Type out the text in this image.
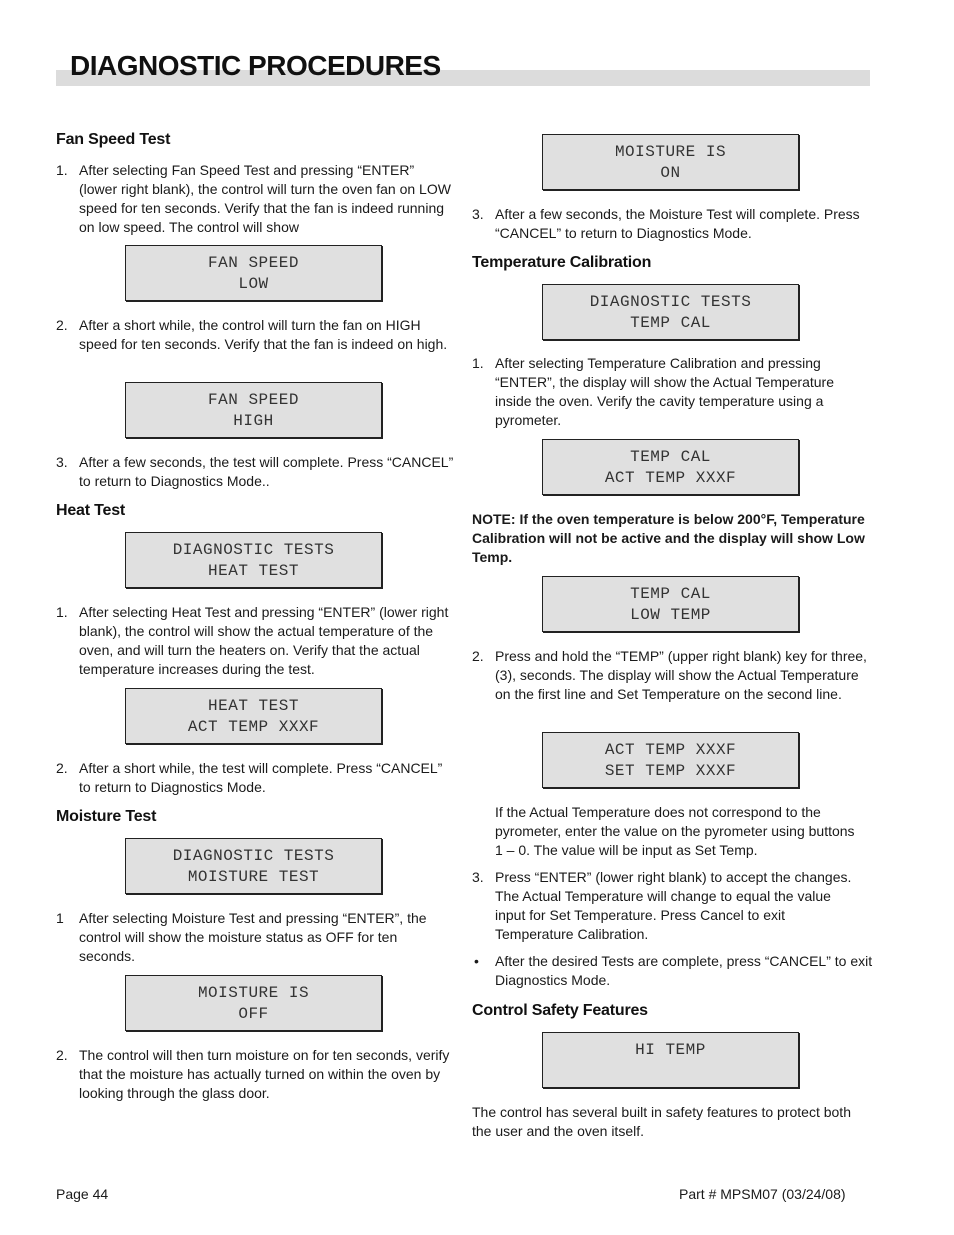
DIAGNOSTIC PROCEDURES
Fan Speed Test
1. After selecting Fan Speed Test and pressing “ENTER” (lower right blank), the control will turn the oven fan on LOW speed for ten seconds. Verify that the fan is indeed running on low speed. The control will show
FAN SPEED
LOW
2. After a short while, the control will turn the fan on HIGH speed for ten seconds. Verify that the fan is indeed on high.
FAN SPEED
HIGH
3. After a few seconds, the test will complete. Press “CANCEL” to return to Diagnostics Mode..
Heat Test
DIAGNOSTIC TESTS
HEAT TEST
1. After selecting Heat Test and pressing “ENTER” (lower right blank), the control will show the actual temperature of the oven, and will turn the heaters on. Verify that the actual temperature increases during the test.
HEAT TEST
ACT TEMP XXXF
2. After a short while, the test will complete. Press “CANCEL” to return to Diagnostics Mode.
Moisture Test
DIAGNOSTIC TESTS
MOISTURE TEST
1 After selecting Moisture Test and pressing “ENTER”, the control will show the moisture status as OFF for ten seconds.
MOISTURE IS
OFF
2. The control will then turn moisture on for ten seconds, verify that the moisture has actually turned on within the oven by looking through the glass door.
MOISTURE IS
ON
3. After a few seconds, the Moisture Test will complete. Press “CANCEL” to return to Diagnostics Mode.
Temperature Calibration
DIAGNOSTIC TESTS
TEMP CAL
1. After selecting Temperature Calibration and pressing “ENTER”, the display will show the Actual Temperature inside the oven. Verify the cavity temperature using a pyrometer.
TEMP CAL
ACT TEMP XXXF
NOTE: If the oven temperature is below 200°F, Temperature Calibration will not be active and the display will show Low Temp.
TEMP CAL
LOW TEMP
2. Press and hold the “TEMP” (upper right blank) key for three, (3), seconds. The display will show the Actual Temperature on the first line and Set Temperature on the second line.
ACT TEMP XXXF
SET TEMP XXXF
If the Actual Temperature does not correspond to the pyrometer, enter the value on the pyrometer using buttons 1 – 0. The value will be input as Set Temp.
3. Press “ENTER” (lower right blank) to accept the changes. The Actual Temperature will change to equal the value input for Set Temperature. Press Cancel to exit Temperature Calibration.
• After the desired Tests are complete, press “CANCEL” to exit Diagnostics Mode.
Control Safety Features
HI TEMP
The control has several built in safety features to protect both the user and the oven itself.
Page 44	Part # MPSM07 (03/24/08)
